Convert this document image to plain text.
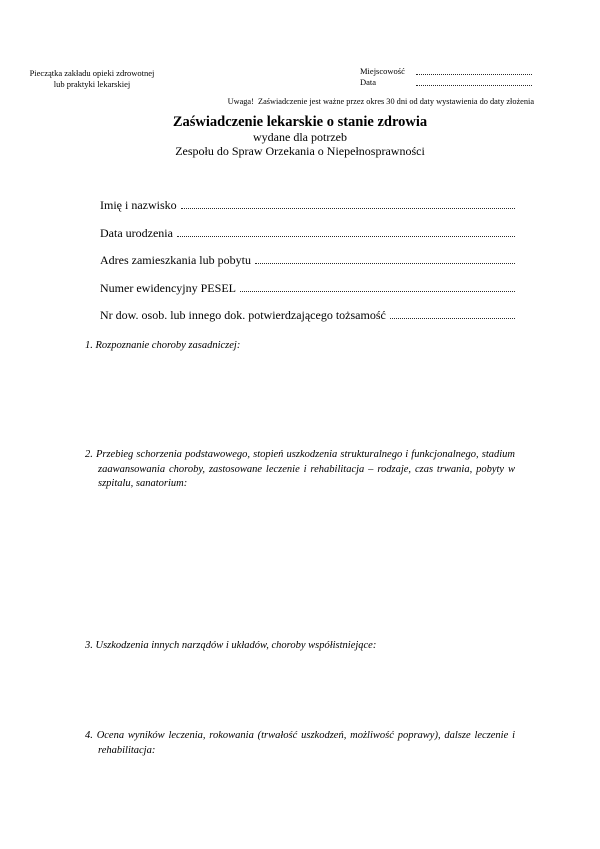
Pieczątka zakładu opieki zdrowotnej
lub praktyki lekarskiej
Miejscowość
Data
Uwaga!  Zaświadczenie jest ważne przez okres 30 dni od daty wystawienia do daty złożenia

Zaświadczenie lekarskie o stanie zdrowia

wydane dla potrzeb

Zespołu do Spraw Orzekania o Niepełnosprawności

Imię i nazwisko
Data urodzenia
Adres zamieszkania lub pobytu
Numer ewidencyjny PESEL
Nr dow. osob. lub innego dok. potwierdzającego tożsamość
1. Rozpoznanie choroby zasadniczej:
2. Przebieg schorzenia podstawowego, stopień uszkodzenia strukturalnego i funkcjonalnego, stadium zaawansowania choroby, zastosowane leczenie i rehabilitacja – rodzaje, czas trwania, pobyty w szpitalu, sanatorium:
3. Uszkodzenia innych narządów i układów, choroby współistniejące:
4. Ocena wyników leczenia, rokowania (trwałość uszkodzeń, możliwość poprawy), dalsze leczenie i rehabilitacja:
